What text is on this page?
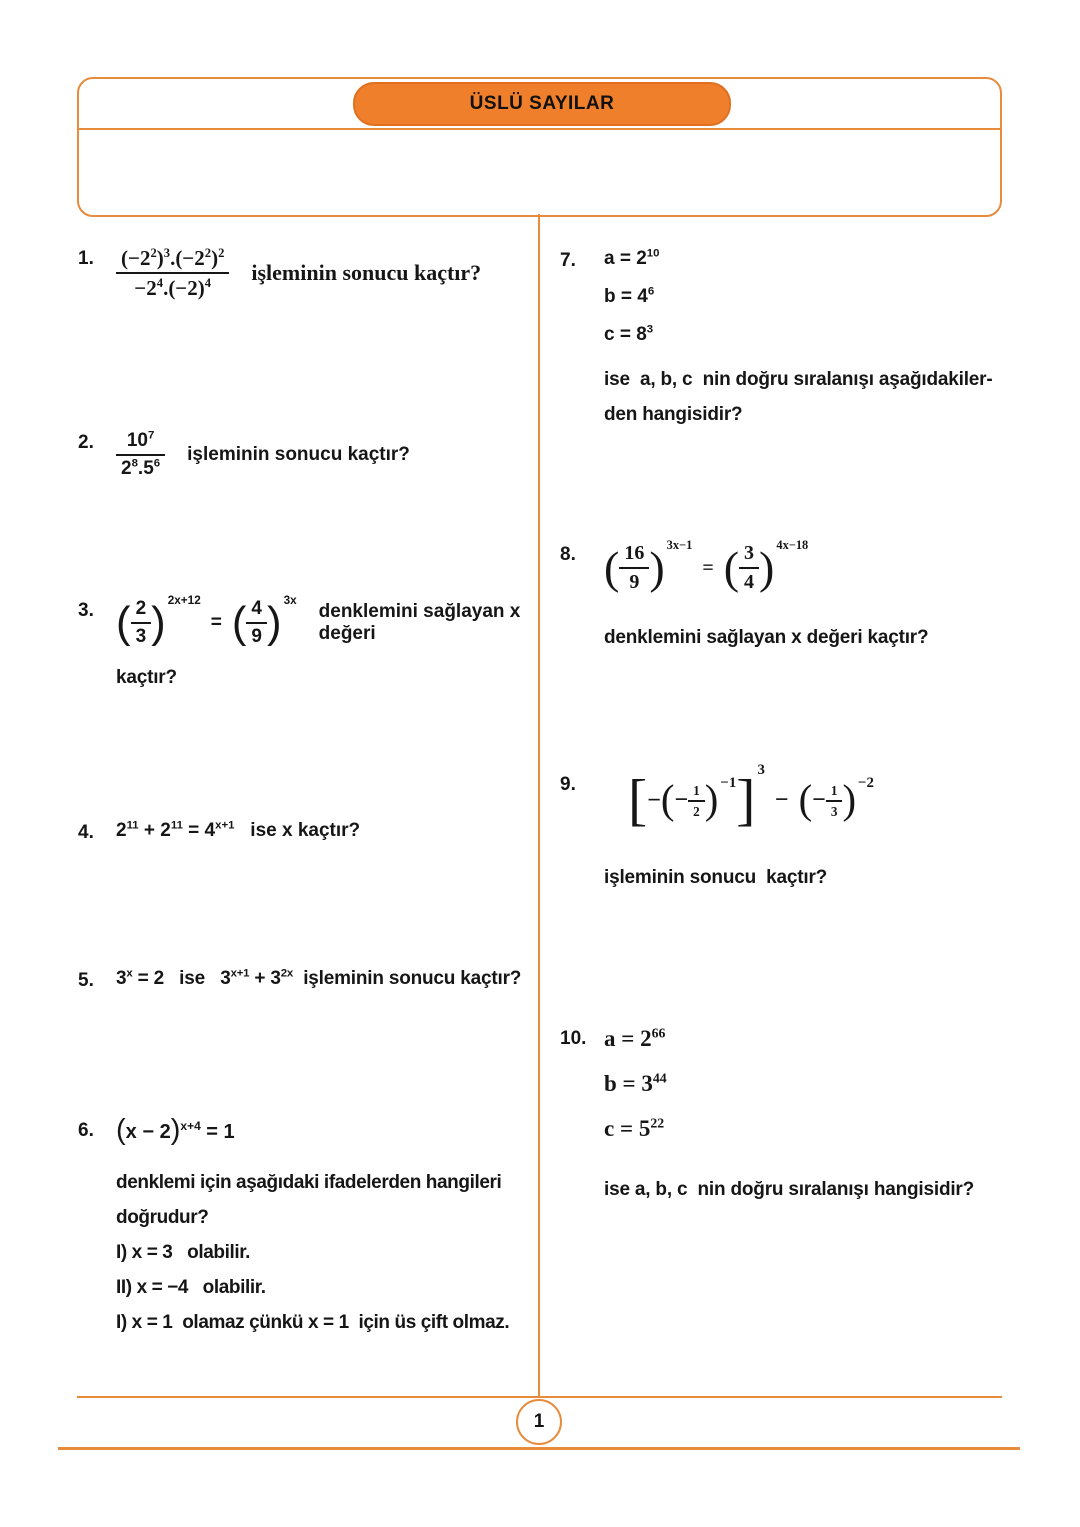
ÜSLÜ SAYILAR
1.	$\frac{(-2^2)^3.(-2^2)^2}{-2^4.(-2)^4}$ işleminin sonucu kaçtır?
2.	$\frac{10^7}{2^8.5^6}$ işleminin sonucu kaçtır?
3. ( $\frac{2}{3}$ ) 2x+12= ( $\frac{4}{9}$ ) 3x
denklemini sağlayan x değeri
kaçtır?
4.	$2^{11} + 2^{11} = 4^{x+1}$   ise x kaçtır?
5.	$3^x = 2$   ise   $3^{x+1} + 3^{2x}$  işleminin sonucu kaçtır?
6. $(x - 2)^{x+4} = 1$
denklemi için aşağıdaki ifadelerden hangileri
doğrudur?
I) x = 3   olabilir.
II) x = −4   olabilir.
I) x = 1  olamaz çünkü x = 1  için üs çift olmaz.
7.	$a = 2^{10}$
$b = 4^6$
$c = 8^3$
ise  a, b, c  nin doğru sıralanışı aşağıdakiler-
den hangisidir?
8. ( $\frac{16}{9}$ ) 3x−1= ( $\frac{3}{4}$ ) 4x−18
denklemini sağlayan x değeri kaçtır?
9. [−(− $\frac{1}{2}$ ) −1] 3− (− $\frac{1}{3}$ ) −2
işleminin sonucu  kaçtır?
10. $a = 2^{66}$
$b = 3^{44}$
$c = 5^{22}$
ise a, b, c  nin doğru sıralanışı hangisidir?
1
